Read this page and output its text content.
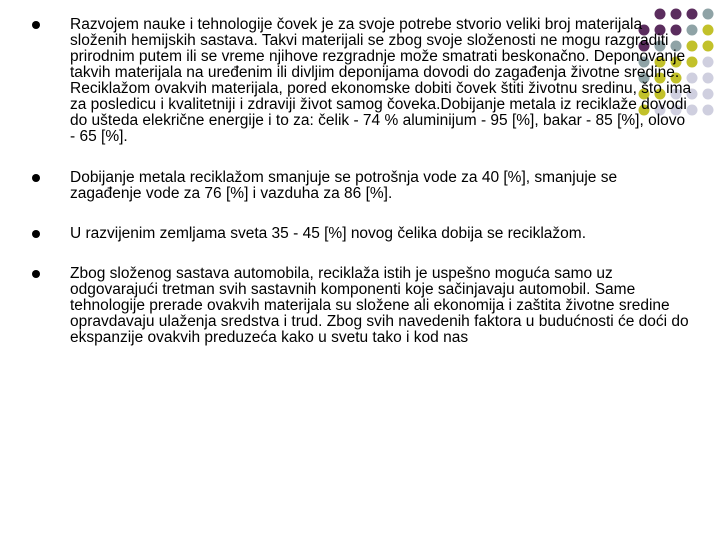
Razvojem nauke i tehnologije čovek je za svoje potrebe stvorio veliki broj materijala složenih hemijskih sastava. Takvi materijali se zbog svoje složenosti ne mogu razgraditi prirodnim putem ili se vreme njihove rezgradnje može smatrati beskonačno. Deponovanje takvih materijala na uređenim ili divljim deponijama dovodi do zagađenja životne sredine. Reciklažom ovakvih materijala, pored ekonomske dobiti čovek štiti životnu sredinu, što ima za posledicu i kvalitetniji i zdraviji život samog čoveka.Dobijanje metala iz reciklaže dovodi do ušteda elekrične energije i to za: čelik - 74 % aluminijum - 95 [%], bakar - 85 [%], olovo - 65 [%].
Dobijanje metala reciklažom smanjuje se potrošnja vode za 40 [%], smanjuje se zagađenje vode za 76 [%] i vazduha za 86 [%].
U razvijenim zemljama sveta 35 - 45 [%] novog čelika dobija se reciklažom.
Zbog složenog sastava automobila, reciklaža istih je uspešno moguća samo uz odgovarajući tretman svih sastavnih komponenti koje sačinjavaju automobil. Same tehnologije prerade ovakvih materijala su složene ali ekonomija i zaštita životne sredine opravdavaju ulaženja sredstva i trud. Zbog svih navedenih faktora u budućnosti će doći do ekspanzije ovakvih preduzeća kako u svetu tako i kod nas
